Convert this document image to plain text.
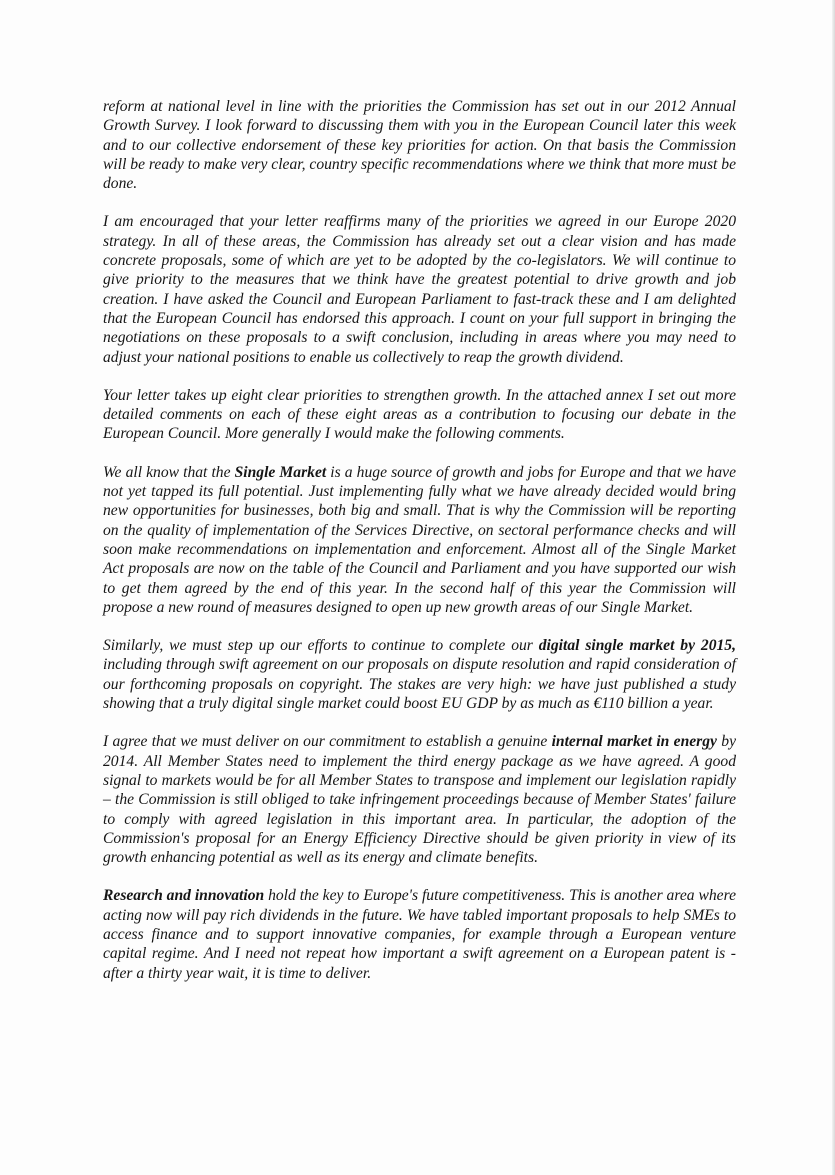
reform at national level in line with the priorities the Commission has set out in our 2012 Annual Growth Survey. I look forward to discussing them with you in the European Council later this week and to our collective endorsement of these key priorities for action. On that basis the Commission will be ready to make very clear, country specific recommendations where we think that more must be done.

I am encouraged that your letter reaffirms many of the priorities we agreed in our Europe 2020 strategy. In all of these areas, the Commission has already set out a clear vision and has made concrete proposals, some of which are yet to be adopted by the co-legislators. We will continue to give priority to the measures that we think have the greatest potential to drive growth and job creation. I have asked the Council and European Parliament to fast-track these and I am delighted that the European Council has endorsed this approach. I count on your full support in bringing the negotiations on these proposals to a swift conclusion, including in areas where you may need to adjust your national positions to enable us collectively to reap the growth dividend.

Your letter takes up eight clear priorities to strengthen growth. In the attached annex I set out more detailed comments on each of these eight areas as a contribution to focusing our debate in the European Council. More generally I would make the following comments.

We all know that the Single Market is a huge source of growth and jobs for Europe and that we have not yet tapped its full potential. Just implementing fully what we have already decided would bring new opportunities for businesses, both big and small. That is why the Commission will be reporting on the quality of implementation of the Services Directive, on sectoral performance checks and will soon make recommendations on implementation and enforcement. Almost all of the Single Market Act proposals are now on the table of the Council and Parliament and you have supported our wish to get them agreed by the end of this year. In the second half of this year the Commission will propose a new round of measures designed to open up new growth areas of our Single Market.

Similarly, we must step up our efforts to continue to complete our digital single market by 2015, including through swift agreement on our proposals on dispute resolution and rapid consideration of our forthcoming proposals on copyright. The stakes are very high: we have just published a study showing that a truly digital single market could boost EU GDP by as much as €110 billion a year.

I agree that we must deliver on our commitment to establish a genuine internal market in energy by 2014. All Member States need to implement the third energy package as we have agreed. A good signal to markets would be for all Member States to transpose and implement our legislation rapidly – the Commission is still obliged to take infringement proceedings because of Member States' failure to comply with agreed legislation in this important area. In particular, the adoption of the Commission's proposal for an Energy Efficiency Directive should be given priority in view of its growth enhancing potential as well as its energy and climate benefits.

Research and innovation hold the key to Europe's future competitiveness. This is another area where acting now will pay rich dividends in the future. We have tabled important proposals to help SMEs to access finance and to support innovative companies, for example through a European venture capital regime. And I need not repeat how important a swift agreement on a European patent is - after a thirty year wait, it is time to deliver.
